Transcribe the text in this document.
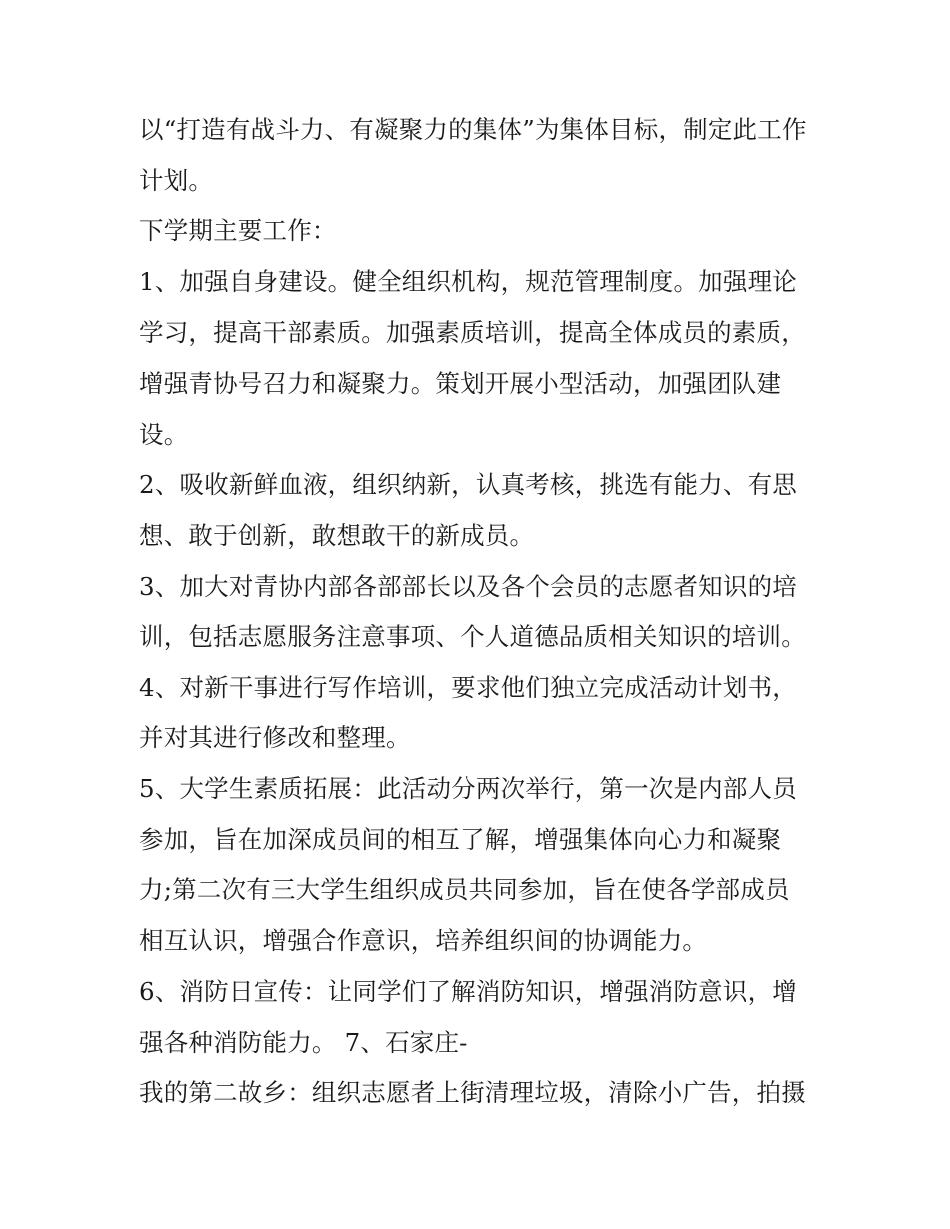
以“打造有战斗力、有凝聚力的集体”为集体目标，制定此工作
计划。
下学期主要工作：
1、加强自身建设。健全组织机构，规范管理制度。加强理论
学习，提高干部素质。加强素质培训，提高全体成员的素质，
增强青协号召力和凝聚力。策划开展小型活动，加强团队建
设。
2、吸收新鲜血液，组织纳新，认真考核，挑选有能力、有思
想、敢于创新，敢想敢干的新成员。
3、加大对青协内部各部部长以及各个会员的志愿者知识的培
训，包括志愿服务注意事项、个人道德品质相关知识的培训。
4、对新干事进行写作培训，要求他们独立完成活动计划书，
并对其进行修改和整理。
5、大学生素质拓展：此活动分两次举行，第一次是内部人员
参加，旨在加深成员间的相互了解，增强集体向心力和凝聚
力;第二次有三大学生组织成员共同参加，旨在使各学部成员
相互认识，增强合作意识，培养组织间的协调能力。
6、消防日宣传：让同学们了解消防知识，增强消防意识，增
强各种消防能力。 7、石家庄-
我的第二故乡：组织志愿者上街清理垃圾，清除小广告，拍摄
